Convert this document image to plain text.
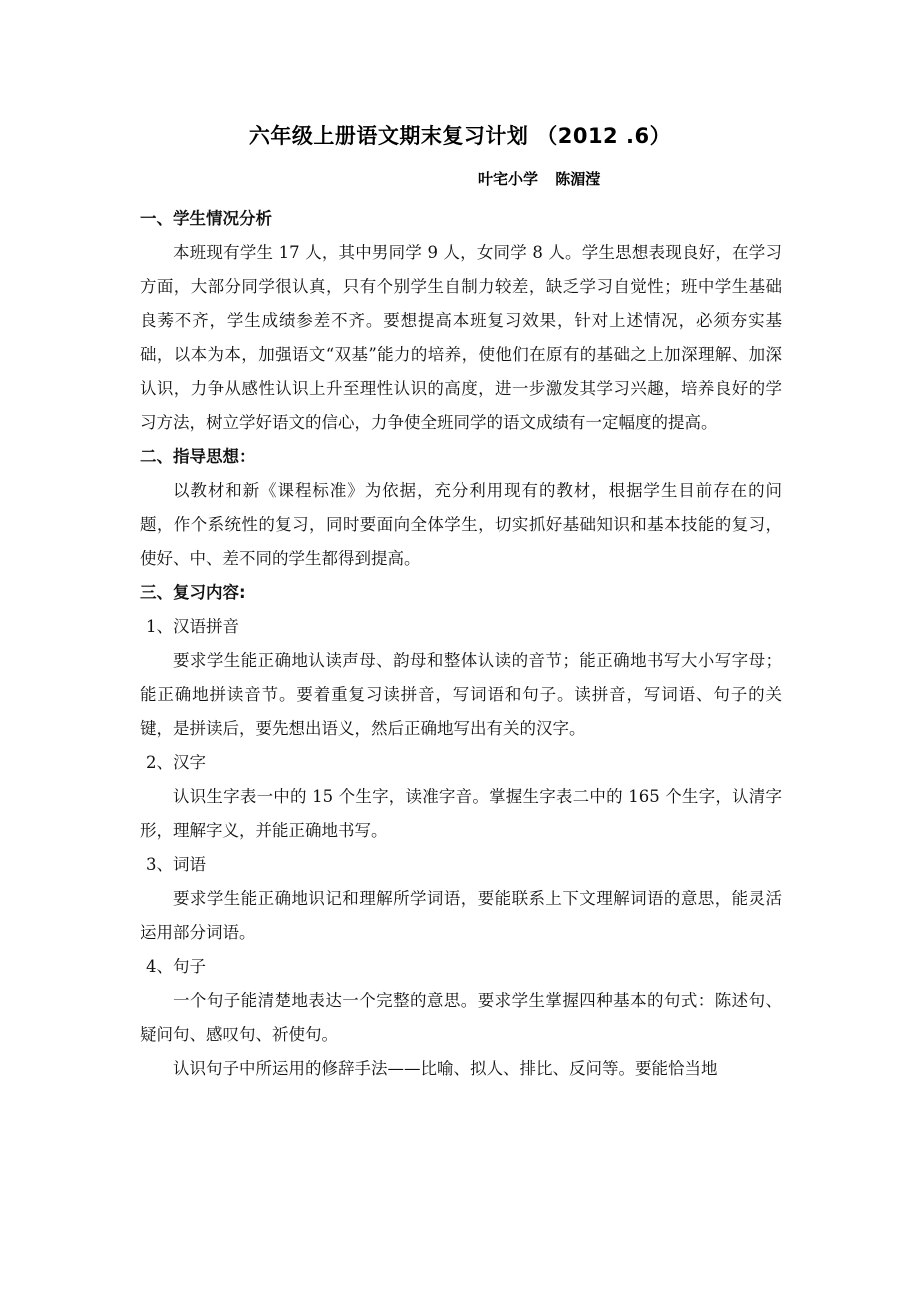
六年级上册语文期末复习计划 （2012 .6）
叶宅小学 陈湄滢

一、学生情况分析

本班现有学生 17 人，其中男同学 9 人，女同学 8 人。学生思想表现良好，在学习方面，大部分同学很认真，只有个别学生自制力较差，缺乏学习自觉性；班中学生基础良莠不齐，学生成绩参差不齐。要想提高本班复习效果，针对上述情况，必须夯实基础，以本为本，加强语文“双基”能力的培养，使他们在原有的基础之上加深理解、加深认识，力争从感性认识上升至理性认识的高度，进一步激发其学习兴趣，培养良好的学习方法，树立学好语文的信心，力争使全班同学的语文成绩有一定幅度的提高。

二、指导思想：

以教材和新《课程标准》为依据，充分利用现有的教材，根据学生目前存在的问题，作个系统性的复习，同时要面向全体学生，切实抓好基础知识和基本技能的复习，使好、中、差不同的学生都得到提高。

三、复习内容:

1、汉语拼音

要求学生能正确地认读声母、韵母和整体认读的音节；能正确地书写大小写字母；能正确地拼读音节。要着重复习读拼音，写词语和句子。读拼音，写词语、句子的关键，是拼读后，要先想出语义，然后正确地写出有关的汉字。

2、汉字

认识生字表一中的 15 个生字，读准字音。掌握生字表二中的 165 个生字，认清字形，理解字义，并能正确地书写。

3、词语

要求学生能正确地识记和理解所学词语，要能联系上下文理解词语的意思，能灵活运用部分词语。

4、句子

一个句子能清楚地表达一个完整的意思。要求学生掌握四种基本的句式：陈述句、疑问句、感叹句、祈使句。

认识句子中所运用的修辞手法——比喻、拟人、排比、反问等。要能恰当地
